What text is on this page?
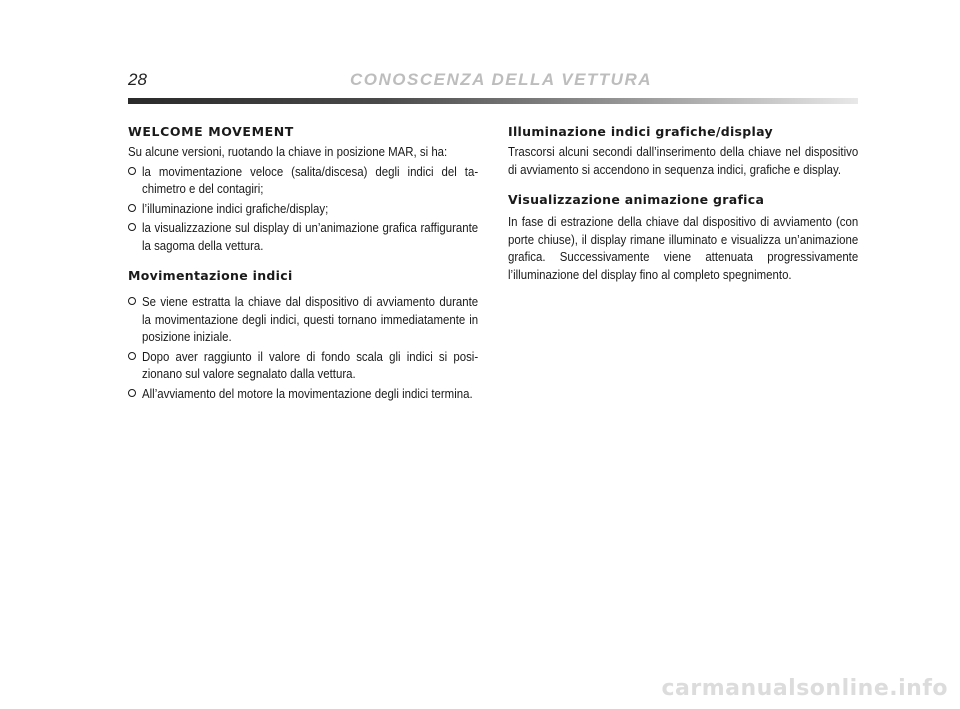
28	CONOSCENZA DELLA VETTURA
WELCOME MOVEMENT

Su alcune versioni, ruotando la chiave in posizione MAR, si ha:

la movimentazione veloce (salita/discesa) degli indici del tachimetro e del contagiri;

l’illuminazione indici grafiche/display;

la visualizzazione sul display di un’animazione grafica raffigurante la sagoma della vettura.

Movimentazione indici

Se viene estratta la chiave dal dispositivo di avviamento durante la movimentazione degli indici, questi tornano immediatamente in posizione iniziale.

Dopo aver raggiunto il valore di fondo scala gli indici si posizionano sul valore segnalato dalla vettura.

All’avviamento del motore la movimentazione degli indici termina.

Illuminazione indici grafiche/display

Trascorsi alcuni secondi dall’inserimento della chiave nel dispositivo di avviamento si accendono in sequenza indici, grafiche e display.

Visualizzazione animazione grafica

In fase di estrazione della chiave dal dispositivo di avviamento (con porte chiuse), il display rimane illuminato e visualizza un’animazione grafica. Successivamente viene attenuata progressivamente l’illuminazione del display fino al completo spegnimento.

carmanualsonline.info
